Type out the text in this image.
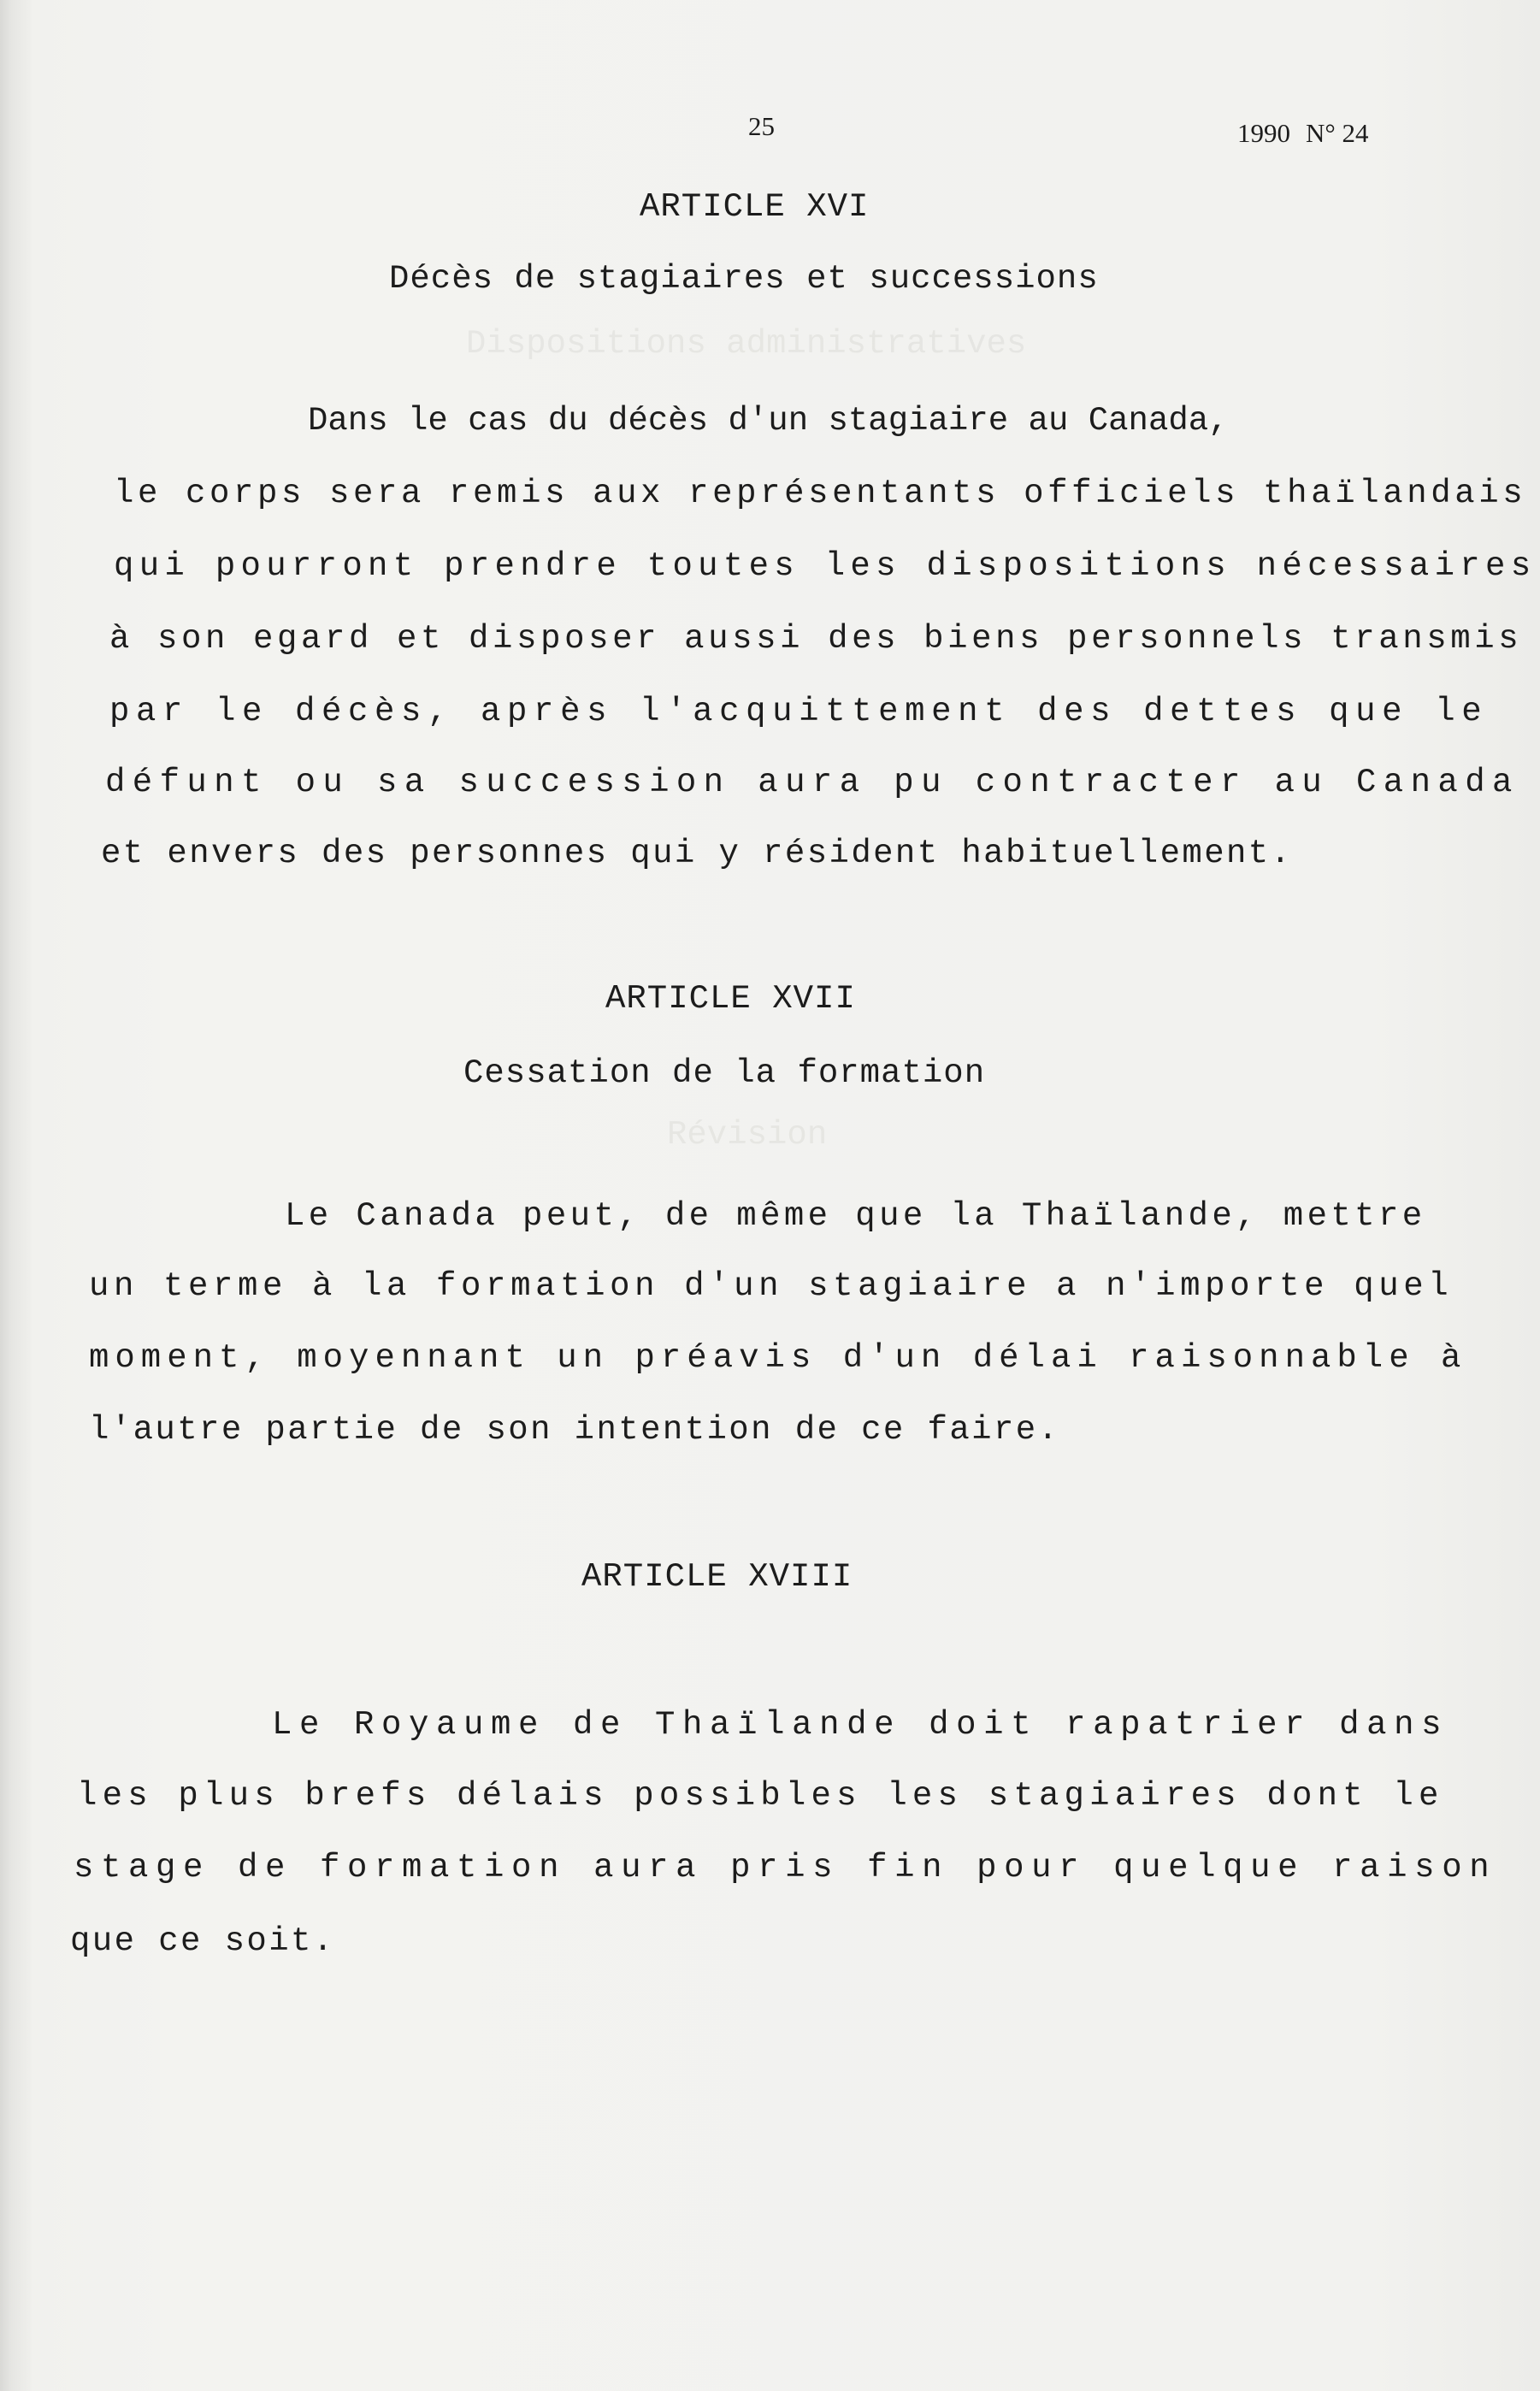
Dispositions administratives
Révision
25	1990 N° 24
ARTICLE XVI
Décès de stagiaires et successions
Dans le cas du décès d'un stagiaire au Canada,
le corps sera remis aux représentants officiels thaïlandais
qui pourront prendre toutes les dispositions nécessaires
à son egard et disposer aussi des biens personnels transmis
par le décès, après l'acquittement des dettes que le
défunt ou sa succession aura pu contracter au Canada
et envers des personnes qui y résident habituellement.
ARTICLE XVII
Cessation de la formation
Le Canada peut, de même que la Thaïlande, mettre
un terme à la formation d'un stagiaire a n'importe quel
moment, moyennant un préavis d'un délai raisonnable à
l'autre partie de son intention de ce faire.
ARTICLE XVIII
Le Royaume de Thaïlande doit rapatrier dans
les plus brefs délais possibles les stagiaires dont le
stage de formation aura pris fin pour quelque raison
que ce soit.
